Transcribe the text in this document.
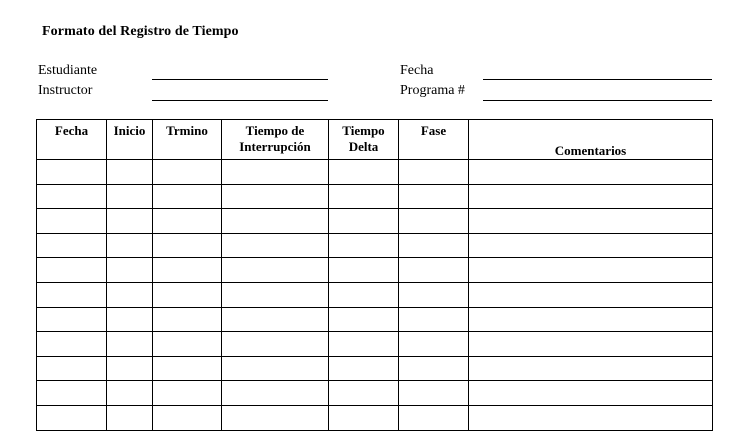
Formato del Registro de Tiempo
Estudiante
Instructor
Fecha
Programa #
Fecha	Inicio	Trmino	Tiempo de Interrupción	Tiempo Delta	Fase	Comentarios
